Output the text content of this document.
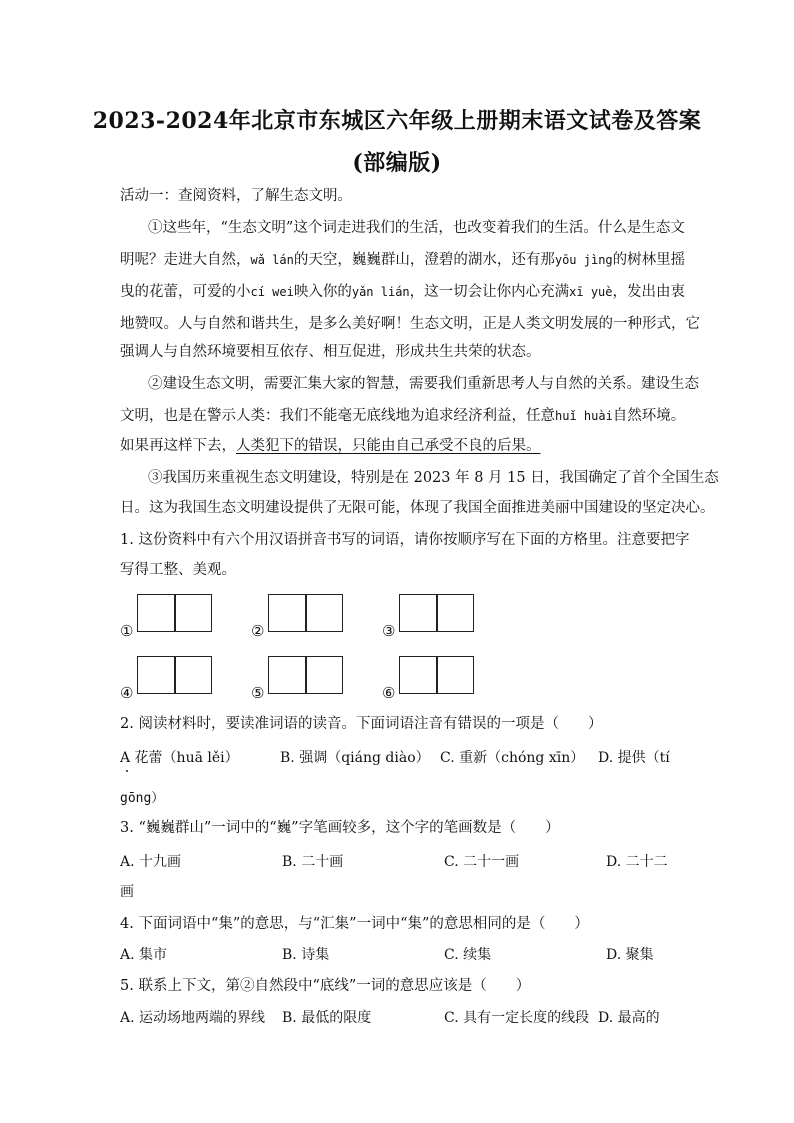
2023-2024年北京市东城区六年级上册期末语文试卷及答案
(部编版)
活动一：查阅资料，了解生态文明。
①这些年，“生态文明”这个词走进我们的生活，也改变着我们的生活。什么是生态文
明呢？走进大自然，wǎ lán的天空，巍巍群山，澄碧的湖水，还有那yōu jìng的树林里摇
曳的花蕾，可爱的小cí wei映入你的yǎn lián，这一切会让你内心充满xī yuè，发出由衷
地赞叹。人与自然和谐共生，是多么美好啊！生态文明，正是人类文明发展的一种形式，它
强调人与自然环境要相互依存、相互促进，形成共生共荣的状态。
②建设生态文明，需要汇集大家的智慧，需要我们重新思考人与自然的关系。建设生态
文明，也是在警示人类：我们不能毫无底线地为追求经济利益，任意huǐ huài自然环境。
如果再这样下去，人类犯下的错误，只能由自己承受不良的后果。
③我国历来重视生态文明建设，特别是在 2023 年 8 月 15 日，我国确定了首个全国生态
日。这为我国生态文明建设提供了无限可能，体现了我国全面推进美丽中国建设的坚定决心。
1. 这份资料中有六个用汉语拼音书写的词语，请你按顺序写在下面的方格里。注意要把字
写得工整、美观。
①	②	③
④	⑤	⑥
2. 阅读材料时，要读准词语的读音。下面词语注音有错误的一项是（　　）
A 花蕾（huā lěi）	B. 强调（qiáng diào） C. 重新（chóng xīn） D. 提供（tí
gōng）
3. “巍巍群山”一词中的“巍”字笔画较多，这个字的笔画数是（　　）
A. 十九画	B. 二十画	C. 二十一画	D. 二十二
画
4. 下面词语中“集”的意思，与“汇集”一词中“集”的意思相同的是（　　）
A. 集市	B. 诗集	C. 续集	D. 聚集
5. 联系上下文，第②自然段中“底线”一词的意思应该是（　　）
A. 运动场地两端的界线 B. 最低的限度	C. 具有一定长度的线段 D. 最高的
